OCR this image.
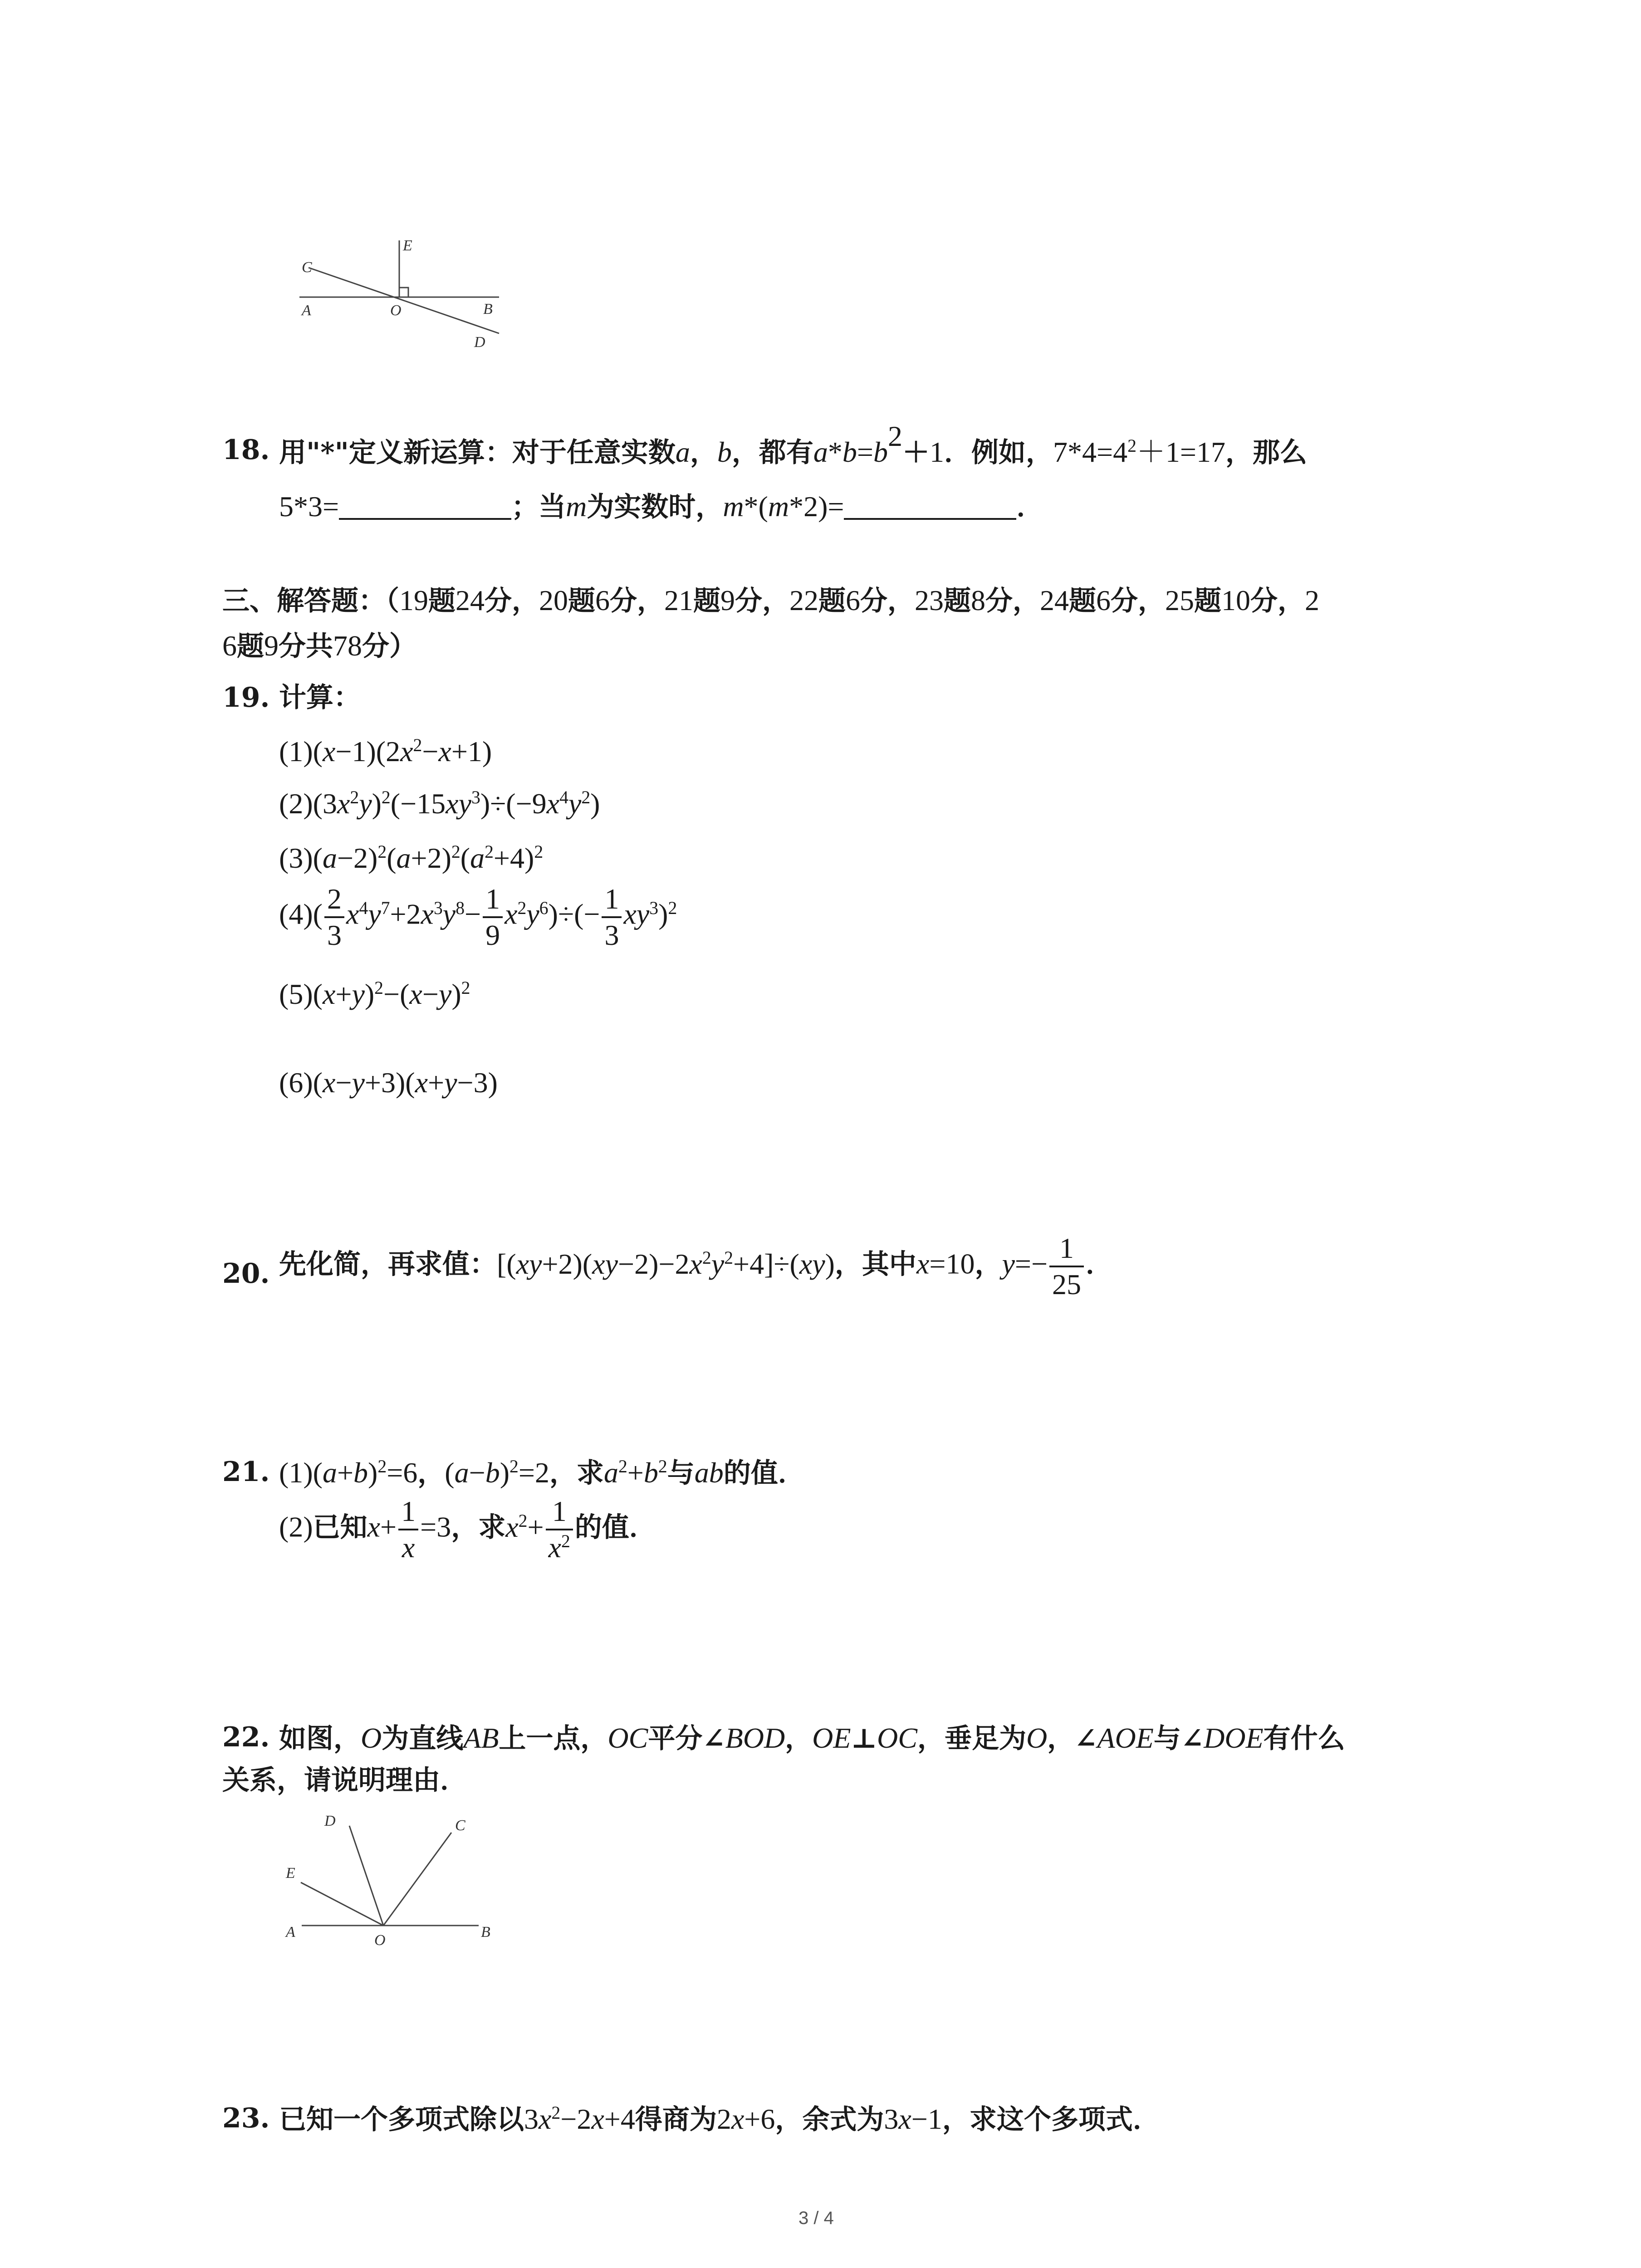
C
E
A	O	B
D
18. 用"*"定义新运算：对于任意实数a，b，都有$a*b=b^2+1$．例如，$7*4=4^2+1=17$，那么
5*3=	；当m为实数时，m*(m*2)=	．
三、解答题：（19题24分，20题6分，21题9分，22题6分，23题8分，24题6分，25题10分，2
6题9分共78分）
19. 计算：
$(1)(x-1)(2x^2-x+1)$
$(2)(3x^2y)^2(-15xy^3)\div(-9x^4y^2)$
$(3)(a-2)^2(a+2)^2(a^2+4)^2$
$(4)( \frac{2}{3} x^4y^7+2x^3y^8- \frac{1}{9} x^2y^6)\div(- \frac{1}{3} xy^3)^2$
$(5)(x+y)^2-(x-y)^2$
(6)(x−y+3)(x+y−3)
20. 先化简，再求值：$[(xy+2)(xy-2)-2x^2y^2+4]\div(xy)$，其中x=10，$y=- \frac{1}{25}$ ．
21. $(1)(a+b)^2=6$，$(a-b)^2=2$，求$a^2+b^2$与ab的值．
(2)已知$x+ \frac{1}{x} =3$，求$x^2+ \frac{1}{x^2}$ 的值．
22. 如图，O为直线AB上一点，OC平分∠BOD，OE⊥OC，垂足为O，∠AOE与∠DOE有什么
关系，请说明理由．
D	C
E
A	O	B
23. 已知一个多项式除以$3x^2-2x+4$得商为2x+6，余式为3x−1，求这个多项式．
3 / 4
